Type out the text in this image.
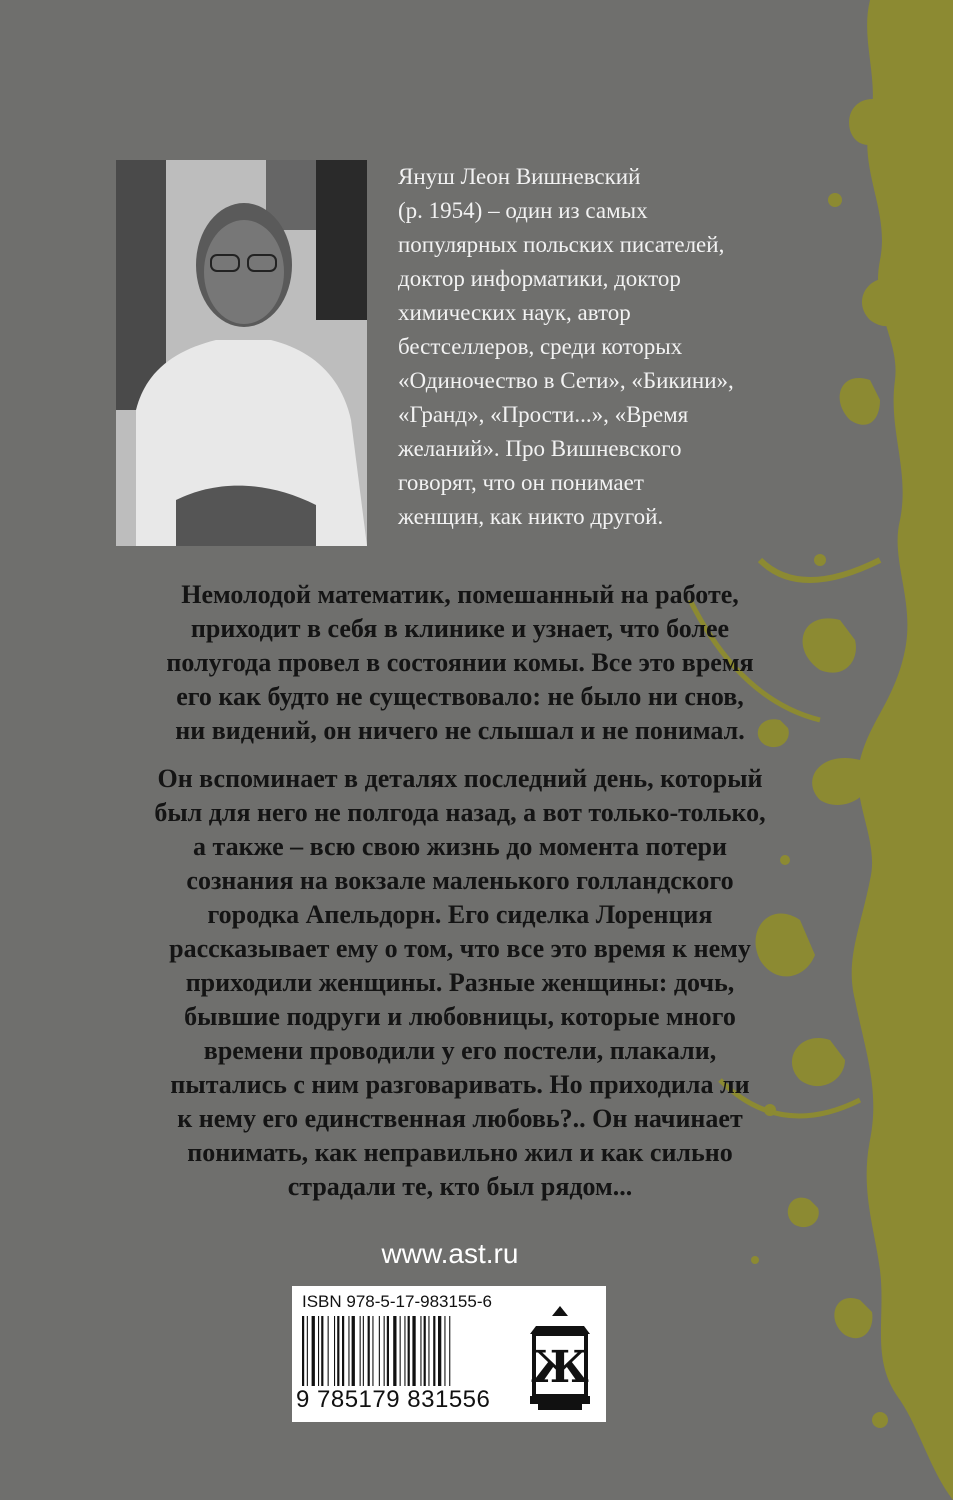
Януш Леон Вишневский
(р. 1954) – один из самых
популярных польских писателей,
доктор информатики, доктор
химических наук, автор
бестселлеров, среди которых
«Одиночество в Сети», «Бикини»,
«Гранд», «Прости...», «Время
желаний». Про Вишневского
говорят, что он понимает
женщин, как никто другой.
Немолодой математик, помешанный на работе,
приходит в себя в клинике и узнает, что более
полугода провел в состоянии комы. Все это время
его как будто не существовало: не было ни снов,
ни видений, он ничего не слышал и не понимал.
Он вспоминает в деталях последний день, который
был для него не полгода назад, а вот только-только,
а также – всю свою жизнь до момента потери
сознания на вокзале маленького голландского
городка Апельдорн. Его сиделка Лоренция
рассказывает ему о том, что все это время к нему
приходили женщины. Разные женщины: дочь,
бывшие подруги и любовницы, которые много
времени проводили у его постели, плакали,
пытались с ним разговаривать. Но приходила ли
к нему его единственная любовь?.. Он начинает
понимать, как неправильно жил и как сильно
страдали те, кто был рядом...
www.ast.ru
ISBN 978-5-17-983155-6
9 785179 831556
Ж
